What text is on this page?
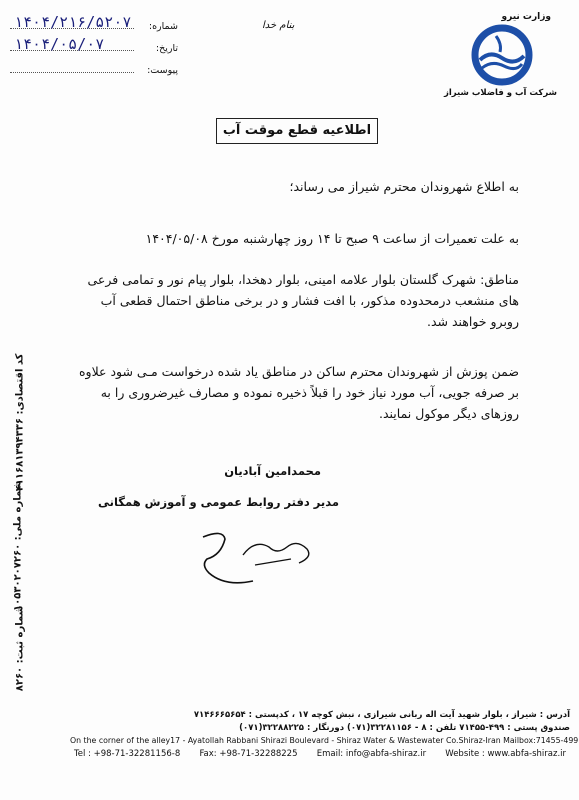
وزارت نیرو
شرکت آب و فاضلاب شیراز
بنام خدا
شماره:
۱۴۰۴/۲۱۶/۵۲۰۷
تاریخ:
۱۴۰۴/۰۵/۰۷
پیوست:
اطلاعیه قطع موقت آب
به اطلاع شهروندان محترم شیراز می رساند؛
به علت تعمیرات از ساعت ۹ صبح تا ۱۴ روز چهارشنبه مورخ ۱۴۰۴/۰۵/۰۸
مناطق: شهرک گلستان بلوار علامه امینی، بلوار دهخدا، بلوار پیام نور و تمامی فرعی های منشعب درمحدوده مذکور، با افت فشار و در برخی مناطق احتمال قطعی آب روبرو خواهند شد.
ضمن پوزش از شهروندان محترم ساکن در مناطق یاد شده درخواست مـی شود علاوه بر صرفه جویی، آب مورد نیاز خود را قبلاً ذخیره نموده و مصارف غیرضروری را به روزهای دیگر موکول نمایند.
محمدامین آبادیان
مدیر دفتر روابط عمومی و آموزش همگانی
کد اقتصادی: ۴۱۱۶۸۱۳۹۴۳۳۶
شماره ملی: ۱۰۵۳۰۲۰۷۲۶۰
شماره ثبت: ۸۲۶۰
آدرس : شیراز ، بلوار شهید آیت اله ربانی شیرازی ، نبش کوچه ۱۷ ، کدپستی : ۷۱۴۶۶۶۵۶۵۴
صندوق پستی : ۴۹۹-۷۱۴۵۵ تلفن : ۸ - ۳۲۲۸۱۱۵۶(۰۷۱) دورنگار : ۳۲۲۸۸۲۲۵(۰۷۱)
On the corner of the alley17 - Ayatollah Rabbani Shirazi Boulevard - Shiraz Water & Wastewater Co.Shiraz-Iran Mailbox:71455-499
Tel : +98-71-32281156-8 Fax: +98-71-32288225 Email: info@abfa-shiraz.ir Website : www.abfa-shiraz.ir
